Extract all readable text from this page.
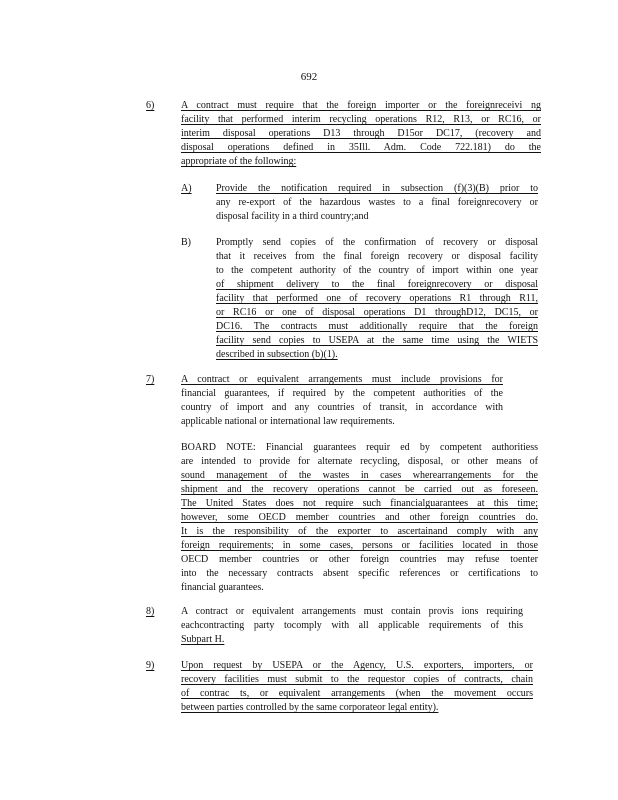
692
6)	A contract must require that the foreign importer or the foreignreceivi ng
facility that performed interim recycling operations R12, R13, or RC16, or
interim disposal operations D13 through D15or DC17, (recovery and
disposal operations defined in 35Ill. Adm. Code 722.181) do the
appropriate of the following:
A) Provide the notification required in subsection (f)(3)(B) prior to
any re-export of the hazardous wastes to a final foreignrecovery or
disposal facility in a third country;and
B)	Promptly send copies of the confirmation of recovery or disposal
that it receives from the final foreign recovery or disposal facility
to the competent authority of the country of import within one year
of shipment delivery to the final foreignrecovery or disposal
facility that performed one of recovery operations R1 through R11,
or RC16 or one of disposal operations D1 throughD12, DC15, or
DC16. The contracts must additionally require that the foreign
facility send copies to USEPA at the same time using the WIETS
described in subsection (b)(1).
7)	A contract or equivalent arrangements must include provisions for
financial guarantees, if required by the competent authorities of the
country of import and any countries of transit, in accordance with
applicable national or international law requirements.
BOARD NOTE: Financial guarantees requir ed by competent authoritiess
are intended to provide for alternate recycling, disposal, or other means of
sound management of the wastes in cases wherearrangements for the
shipment and the recovery operations cannot be carried out as foreseen.
The United States does not require such financialguarantees at this time;
however, some OECD member countries and other foreign countries do.
It is the responsibility of the exporter to ascertainand comply with any
foreign requirements; in some cases, persons or facilities located in those
OECD member countries or other foreign countries may refuse toenter
into the necessary contracts absent specific references or certifications to
financial guarantees.
8)	A contract or equivalent arrangements must contain provis ions requiring
eachcontracting party tocomply with all applicable requirements of this
Subpart H.
9)	Upon request by USEPA or the Agency, U.S. exporters, importers, or
recovery facilities must submit to the requestor copies of contracts, chain
of contrac ts, or equivalent arrangements (when the movement occurs
between parties controlled by the same corporateor legal entity).
